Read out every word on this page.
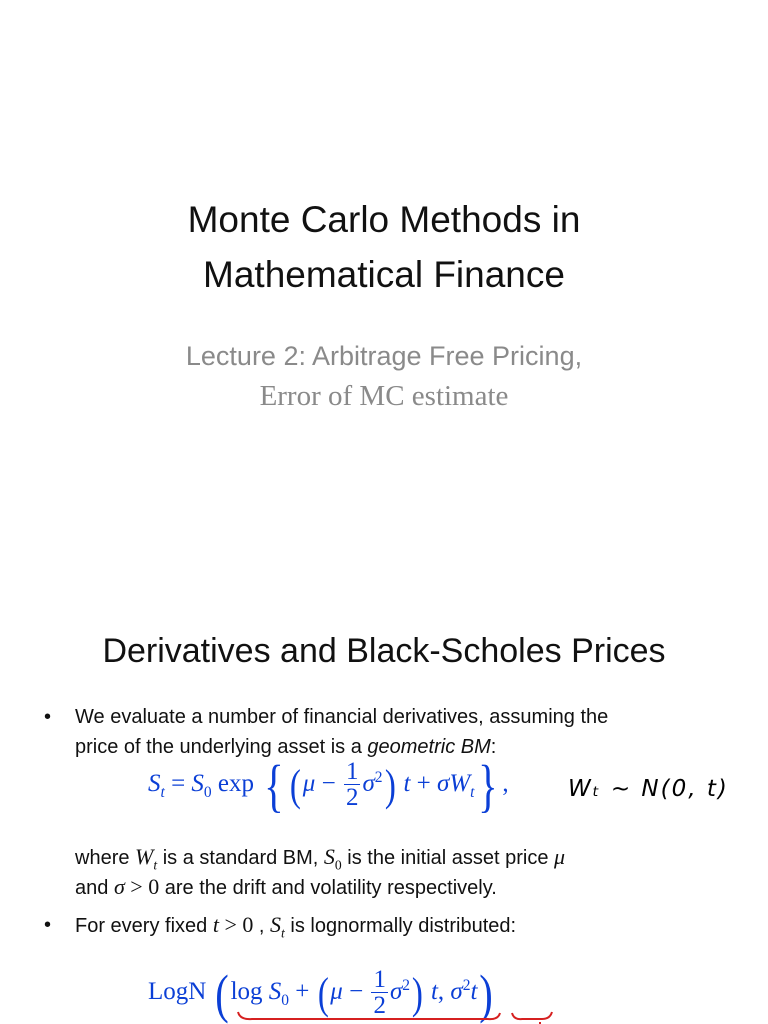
Monte Carlo Methods in
Mathematical Finance
Lecture 2: Arbitrage Free Pricing,
Error of MC estimate
Derivatives and Black-Scholes Prices
• We evaluate a number of financial derivatives, assuming the
price of the underlying asset is a geometric BM:
$S_t = S_0$ exp { $(\mu - \frac{1}{2} \sigma^2)$ $t + \sigma W_t$} ,	Wₜ ~ N(0, t)
where $W_t$ is a standard BM, $S_0$ is the initial asset price μ
and σ > 0 are the drift and volatility respectively.
• For every fixed t > 0 , $S_t$ is lognormally distributed:
LogN (log $S_0 + (\mu - \frac{1}{2} \sigma^2)$ t, $\sigma^2t$)
